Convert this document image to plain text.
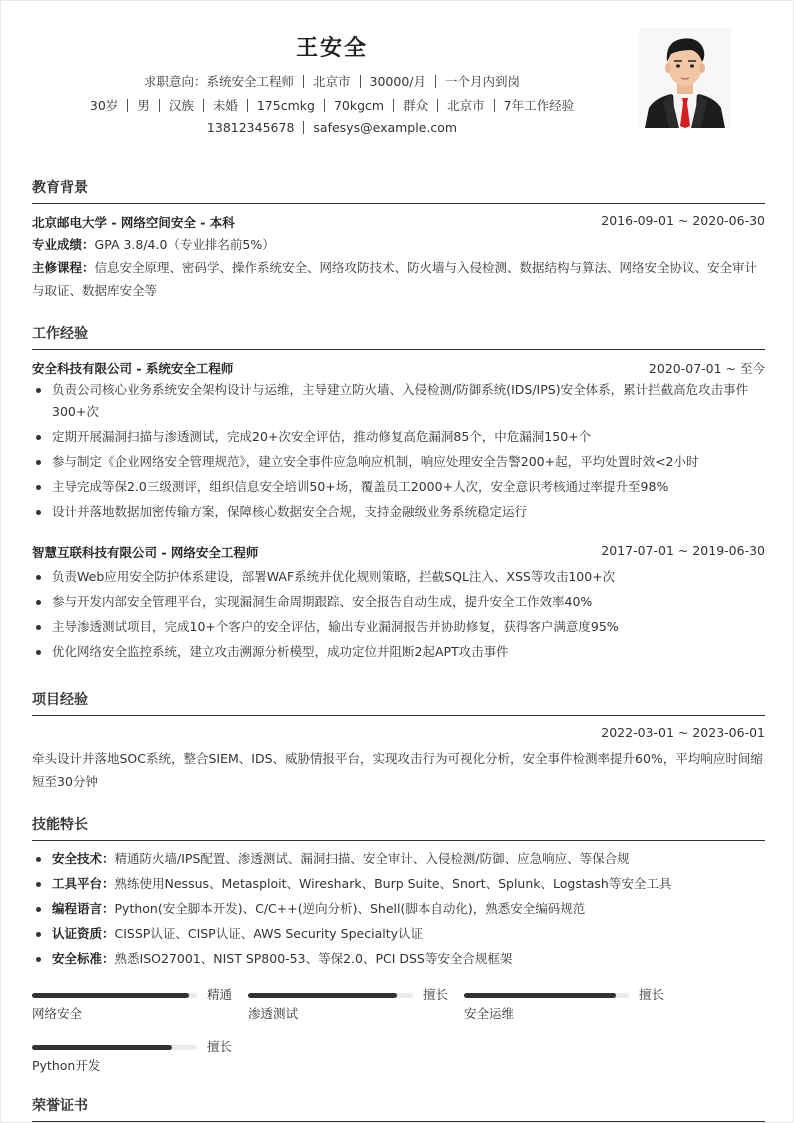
王安全
求职意向：系统安全工程师 北京市 30000/月 一个月内到岗
30岁 男 汉族 未婚 175cmkg 70kgcm 群众 北京市 7年工作经验
13812345678 safesys@example.com
教育背景
北京邮电大学 - 网络空间安全 - 本科	2016-09-01 ~ 2020-06-30
专业成绩：GPA 3.8/4.0（专业排名前5%）
主修课程：信息安全原理、密码学、操作系统安全、网络攻防技术、防火墙与入侵检测、数据结构与算法、网络安全协议、安全审计与取证、数据库安全等
工作经验
安全科技有限公司 - 系统安全工程师	2020-07-01 ~ 至今
负责公司核心业务系统安全架构设计与运维，主导建立防火墙、入侵检测/防御系统(IDS/IPS)安全体系，累计拦截高危攻击事件300+次
定期开展漏洞扫描与渗透测试，完成20+次安全评估，推动修复高危漏洞85个，中危漏洞150+个
参与制定《企业网络安全管理规范》，建立安全事件应急响应机制，响应处理安全告警200+起，平均处置时效<2小时
主导完成等保2.0三级测评，组织信息安全培训50+场，覆盖员工2000+人次，安全意识考核通过率提升至98%
设计并落地数据加密传输方案，保障核心数据安全合规，支持金融级业务系统稳定运行
智慧互联科技有限公司 - 网络安全工程师	2017-07-01 ~ 2019-06-30
负责Web应用安全防护体系建设，部署WAF系统并优化规则策略，拦截SQL注入、XSS等攻击100+次
参与开发内部安全管理平台，实现漏洞生命周期跟踪、安全报告自动生成，提升安全工作效率40%
主导渗透测试项目，完成10+个客户的安全评估，输出专业漏洞报告并协助修复，获得客户满意度95%
优化网络安全监控系统，建立攻击溯源分析模型，成功定位并阻断2起APT攻击事件
项目经验
2022-03-01 ~ 2023-06-01
牵头设计并落地SOC系统，整合SIEM、IDS、威胁情报平台，实现攻击行为可视化分析，安全事件检测率提升60%，平均响应时间缩短至30分钟
技能特长
安全技术：精通防火墙/IPS配置、渗透测试、漏洞扫描、安全审计、入侵检测/防御、应急响应、等保合规
工具平台：熟练使用Nessus、Metasploit、Wireshark、Burp Suite、Snort、Splunk、Logstash等安全工具
编程语言：Python(安全脚本开发)、C/C++(逆向分析)、Shell(脚本自动化)，熟悉安全编码规范
认证资质：CISSP认证、CISP认证、AWS Security Specialty认证
安全标准：熟悉ISO27001、NIST SP800-53、等保2.0、PCI DSS等安全合规框架
精通
网络安全
擅长
渗透测试
擅长
安全运维
擅长
Python开发
荣誉证书
